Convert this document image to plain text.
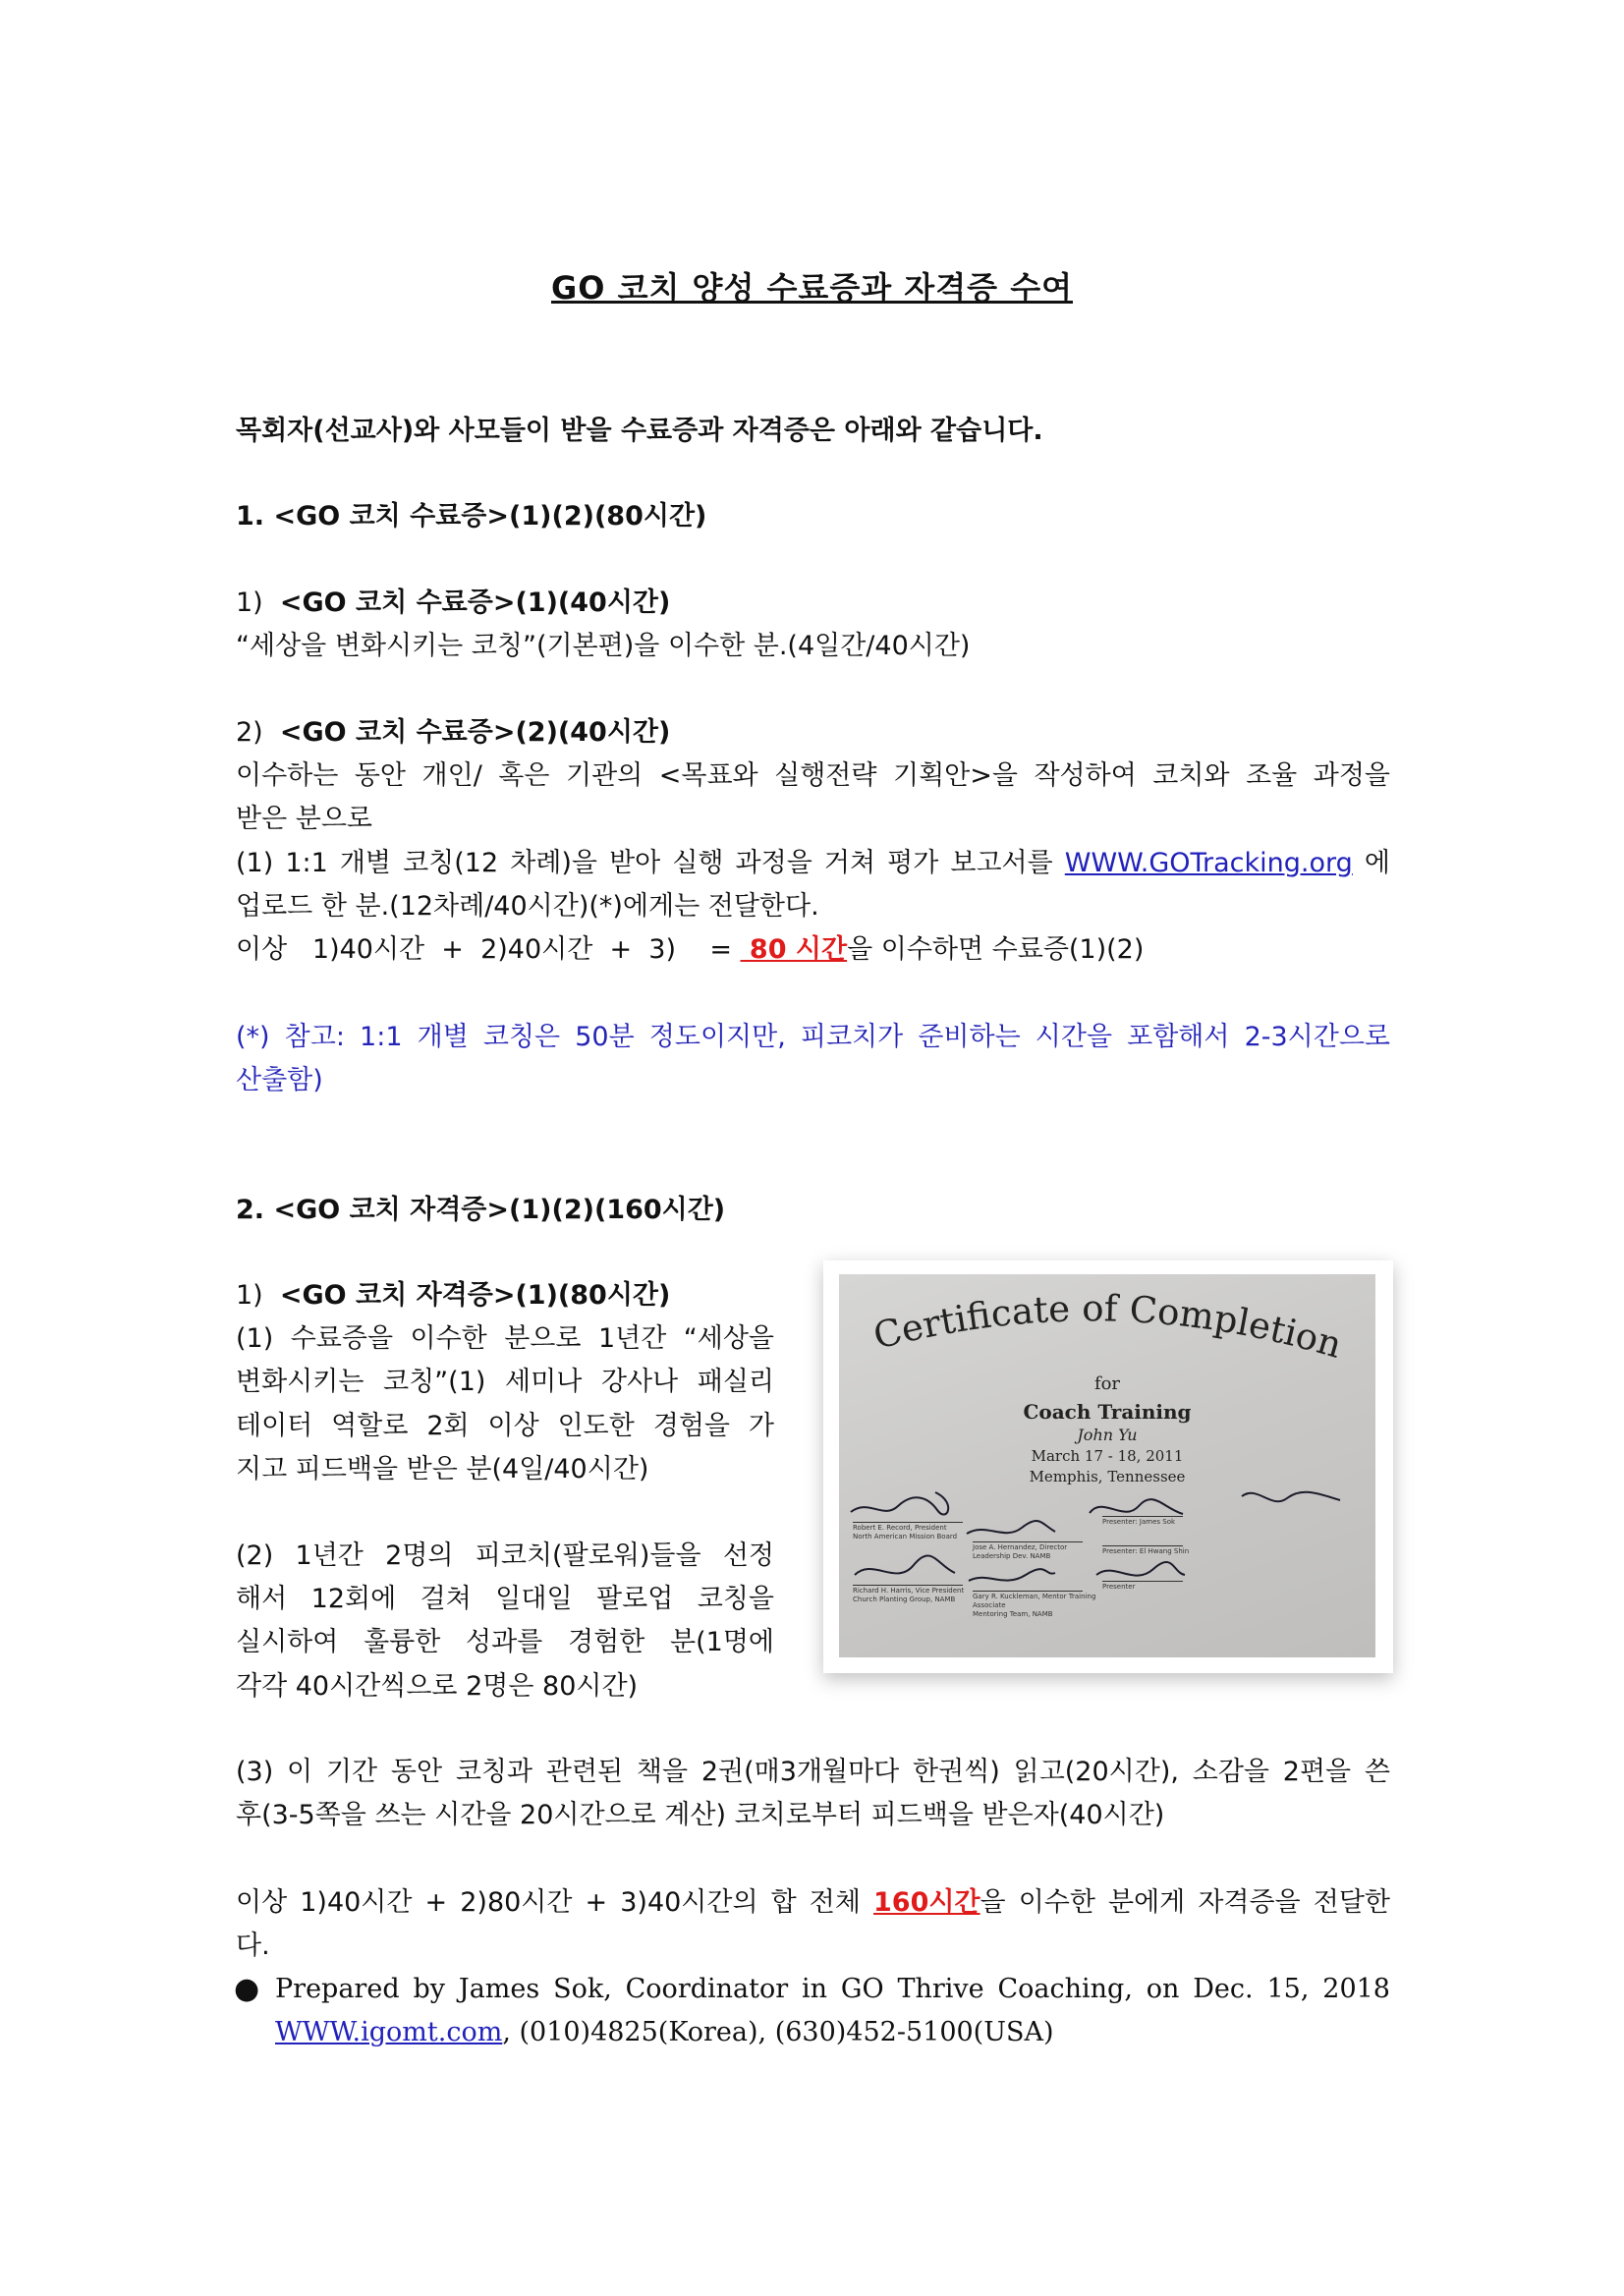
GO 코치 양성 수료증과 자격증 수여

목회자(선교사)와 사모들이 받을 수료증과 자격증은 아래와 같습니다.

1. <GO 코치 수료증>(1)(2)(80시간)

1) <GO 코치 수료증>(1)(40시간)

“세상을 변화시키는 코칭”(기본편)을 이수한 분.(4일간/40시간)

2) <GO 코치 수료증>(2)(40시간)

이수하는 동안 개인/ 혹은 기관의 <목표와 실행전략 기획안>을 작성하여 코치와 조율 과정을

받은 분으로

(1) 1:1 개별 코칭(12 차례)을 받아 실행 과정을 거쳐 평가 보고서를 WWW.GOTracking.org 에

업로드 한 분.(12차례/40시간)(*)에게는 전달한다.

이상   1)40시간  +  2)40시간  +  3)    =  80 시간을 이수하면 수료증(1)(2)

(*) 참고: 1:1 개별 코칭은 50분 정도이지만, 피코치가 준비하는 시간을 포함해서 2-3시간으로

산출함)

2. <GO 코치 자격증>(1)(2)(160시간)

1) <GO 코치 자격증>(1)(80시간)

(1) 수료증을 이수한 분으로 1년간 “세상을

변화시키는 코칭”(1) 세미나 강사나 패실리

테이터 역할로 2회 이상 인도한 경험을 가

지고 피드백을 받은 분(4일/40시간)

(2) 1년간 2명의 피코치(팔로워)들을 선정

해서 12회에 걸쳐 일대일 팔로업 코칭을

실시하여 훌륭한 성과를 경험한 분(1명에

각각 40시간씩으로 2명은 80시간)

Certificate of Completion
for
Coach Training
John Yu
March 17 - 18, 2011
Memphis, Tennessee
Robert E. Record, President
North American Mission Board
Richard H. Harris, Vice President
Church Planting Group, NAMB
Jose A. Hernandez, Director
Leadership Dev. NAMB
Gary R. Kuckleman, Mentor Training Associate
Mentoring Team, NAMB
Presenter: James Sok
Presenter: El Hwang Shin
Presenter

(3) 이 기간 동안 코칭과 관련된 책을 2권(매3개월마다 한권씩) 읽고(20시간), 소감을 2편을 쓴

후(3-5쪽을 쓰는 시간을 20시간으로 계산) 코치로부터 피드백을 받은자(40시간)

이상 1)40시간 + 2)80시간 + 3)40시간의 합 전체 160시간을 이수한 분에게 자격증을 전달한

다.

● Prepared by James Sok, Coordinator in GO Thrive Coaching, on Dec. 15, 2018

WWW.igomt.com, (010)4825(Korea), (630)452-5100(USA)
